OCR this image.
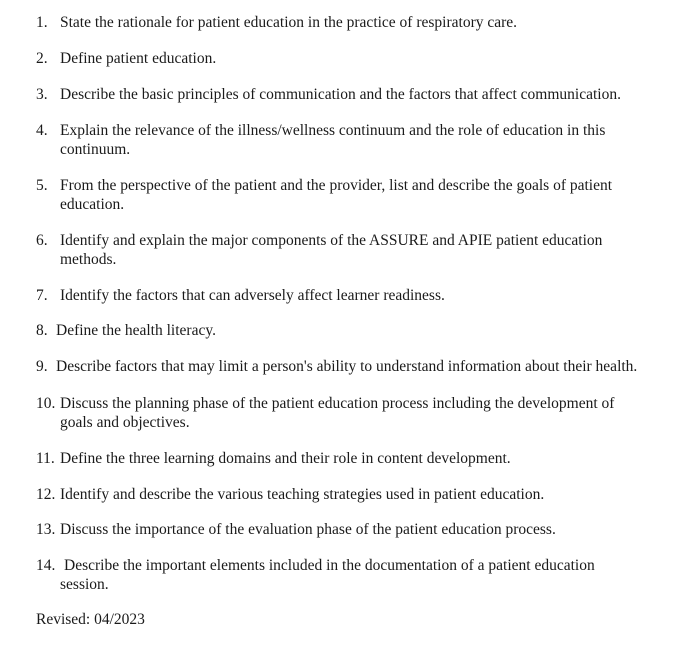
1. State the rationale for patient education in the practice of respiratory care.
2. Define patient education.
3. Describe the basic principles of communication and the factors that affect communication.
4. Explain the relevance of the illness/wellness continuum and the role of education in this
continuum.
5. From the perspective of the patient and the provider, list and describe the goals of patient
education.
6. Identify and explain the major components of the ASSURE and APIE patient education
methods.
7. Identify the factors that can adversely affect learner readiness.
8. Define the health literacy.
9. Describe factors that may limit a person's ability to understand information about their health.
10. Discuss the planning phase of the patient education process including the development of
goals and objectives.
11. Define the three learning domains and their role in content development.
12. Identify and describe the various teaching strategies used in patient education.
13. Discuss the importance of the evaluation phase of the patient education process.
14. Describe the important elements included in the documentation of a patient education
session.
Revised: 04/2023
